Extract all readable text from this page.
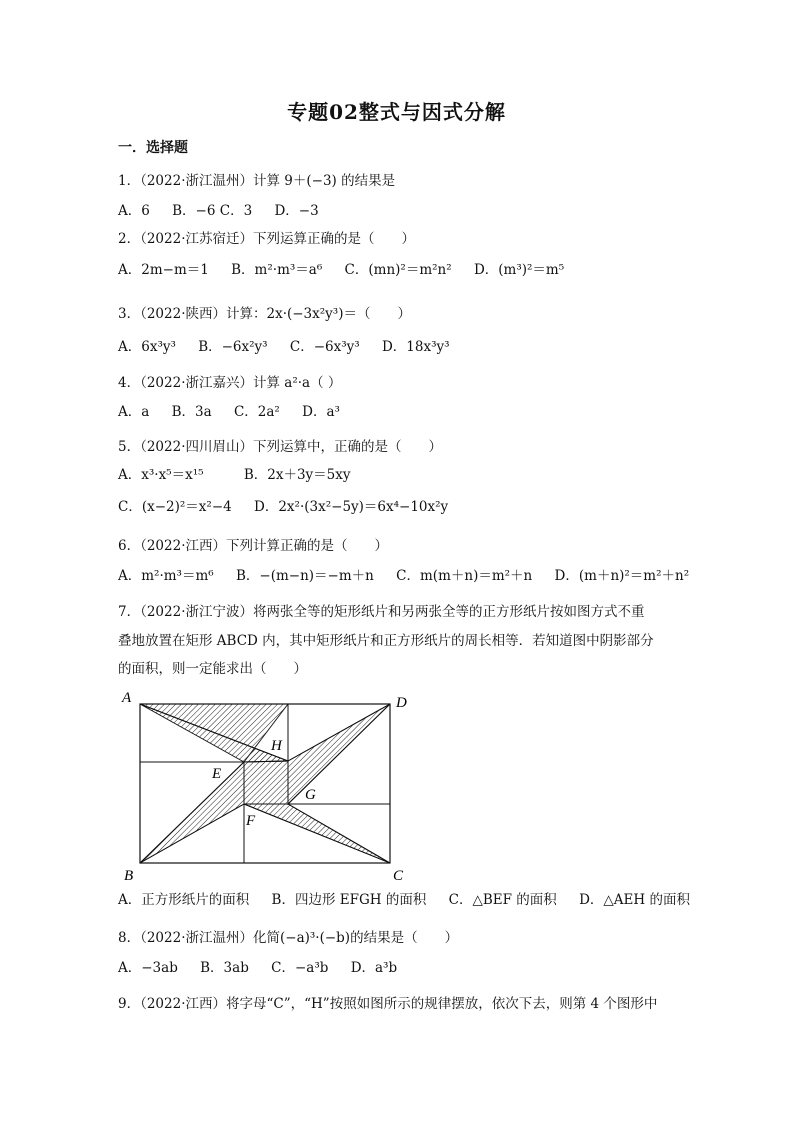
专题02整式与因式分解
一．选择题
1．（2022·浙江温州）计算 9＋(−3) 的结果是
A．6 B．−6 C．3 D．−3
2．（2022·江苏宿迁）下列运算正确的是（　　）
A．2m−m＝1 B．m²·m³＝a⁶ C．(mn)²＝m²n² D．(m³)²＝m⁵
3．（2022·陕西）计算：2x·(−3x²y³)＝（　　）
A．6x³y³ B．−6x²y³ C．−6x³y³ D．18x³y³
4．（2022·浙江嘉兴）计算 a²·a（ ）
A．a B．3a C．2a² D．a³
5．（2022·四川眉山）下列运算中，正确的是（　　）
A．x³·x⁵＝x¹⁵	B．2x＋3y＝5xy
C．(x−2)²＝x²−4 D．2x²·(3x²−5y)＝6x⁴−10x²y
6．（2022·江西）下列计算正确的是（　　）
A．m²·m³＝m⁶ B．−(m−n)＝−m＋n C．m(m＋n)＝m²＋n D．(m＋n)²＝m²＋n²
7．（2022·浙江宁波）将两张全等的矩形纸片和另两张全等的正方形纸片按如图方式不重
叠地放置在矩形 ABCD 内，其中矩形纸片和正方形纸片的周长相等．若知道图中阴影部分
的面积，则一定能求出（　　）
A
B	C
D
E
F
G
H
A．正方形纸片的面积 B．四边形 EFGH 的面积 C．△BEF 的面积 D．△AEH 的面积
8．（2022·浙江温州）化简(−a)³·(−b)的结果是（　　）
A．−3ab B．3ab C．−a³b D．a³b
9．（2022·江西）将字母“C”，“H”按照如图所示的规律摆放，依次下去，则第 4 个图形中
